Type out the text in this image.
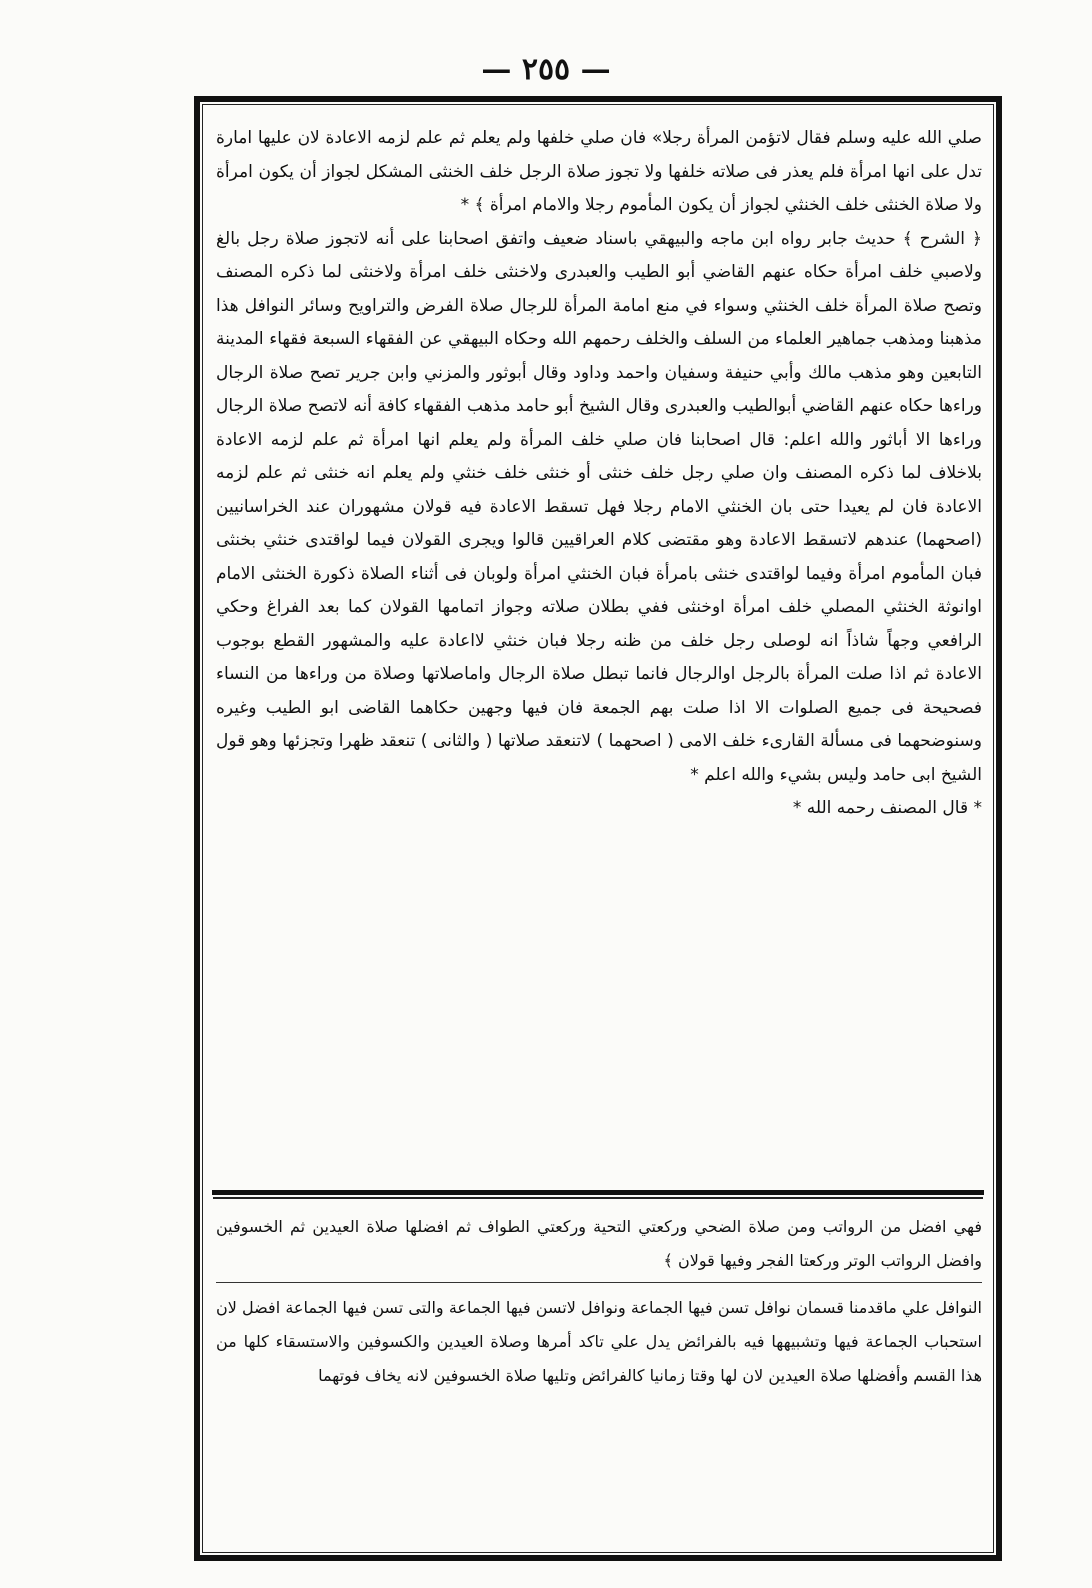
— ٢٥٥ —

صلي الله عليه وسلم فقال لاتؤمن المرأة رجلا» فان صلي خلفها ولم يعلم ثم علم لزمه الاعادة لان عليها امارة تدل على انها امرأة فلم يعذر فى صلاته خلفها ولا تجوز صلاة الرجل خلف الخنثى المشكل لجواز أن يكون امرأة ولا صلاة الخنثى خلف الخنثي لجواز أن يكون المأموم رجلا والامام امرأة ﴾ *

﴿ الشرح ﴾ حديث جابر رواه ابن ماجه والبيهقي باسناد ضعيف واتفق اصحابنا على أنه لاتجوز صلاة رجل بالغ ولاصبي خلف امرأة حكاه عنهم القاضي أبو الطيب والعبدرى ولاخنثى خلف امرأة ولاخنثى لما ذكره المصنف وتصح صلاة المرأة خلف الخنثي وسواء في منع امامة المرأة للرجال صلاة الفرض والتراويح وسائر النوافل هذا مذهبنا ومذهب جماهير العلماء من السلف والخلف رحمهم الله وحكاه البيهقي عن الفقهاء السبعة فقهاء المدينة التابعين وهو مذهب مالك وأبي حنيفة وسفيان واحمد وداود وقال أبوثور والمزني وابن جرير تصح صلاة الرجال وراءها حكاه عنهم القاضي أبوالطيب والعبدرى وقال الشيخ أبو حامد مذهب الفقهاء كافة أنه لاتصح صلاة الرجال وراءها الا أباثور والله اعلم: قال اصحابنا فان صلي خلف المرأة ولم يعلم انها امرأة ثم علم لزمه الاعادة بلاخلاف لما ذكره المصنف وان صلي رجل خلف خنثى أو خنثى خلف خنثي ولم يعلم انه خنثى ثم علم لزمه الاعادة فان لم يعيدا حتى بان الخنثي الامام رجلا فهل تسقط الاعادة فيه قولان مشهوران عند الخراسانيين (اصحهما) عندهم لاتسقط الاعادة وهو مقتضى كلام العراقيين قالوا ويجرى القولان فيما لواقتدى خنثي بخنثى فبان المأموم امرأة وفيما لواقتدى خنثى بامرأة فبان الخنثي امرأة ولوبان فى أثناء الصلاة ذكورة الخنثى الامام اوانوثة الخنثي المصلي خلف امرأة اوخنثى ففي بطلان صلاته وجواز اتمامها القولان كما بعد الفراغ وحكي الرافعي وجهاً شاذاً انه لوصلى رجل خلف من ظنه رجلا فبان خنثي لااعادة عليه والمشهور القطع بوجوب الاعادة ثم اذا صلت المرأة بالرجل اوالرجال فانما تبطل صلاة الرجال واماصلاتها وصلاة من وراءها من النساء فصحيحة فى جميع الصلوات الا اذا صلت بهم الجمعة فان فيها وجهين حكاهما القاضى ابو الطيب وغيره وسنوضحهما فى مسألة القارىء خلف الامى ( اصحهما ) لاتنعقد صلاتها ( والثانى ) تنعقد ظهرا وتجزئها وهو قول الشيخ ابى حامد وليس بشيء والله اعلم *

* قال المصنف رحمه الله *

فهي افضل من الرواتب ومن صلاة الضحي وركعتي التحية وركعتي الطواف ثم افضلها صلاة العيدين ثم الخسوفين وافضل الرواتب الوتر وركعتا الفجر وفيها قولان ﴾

النوافل علي ماقدمنا قسمان نوافل تسن فيها الجماعة ونوافل لاتسن فيها الجماعة والتى تسن فيها الجماعة افضل لان استحباب الجماعة فيها وتشبيهها فيه بالفرائض يدل علي تاكد أمرها وصلاة العيدين والكسوفين والاستسقاء كلها من هذا القسم وأفضلها صلاة العيدين لان لها وقتا زمانيا كالفرائض وتليها صلاة الخسوفين لانه يخاف فوتهما
